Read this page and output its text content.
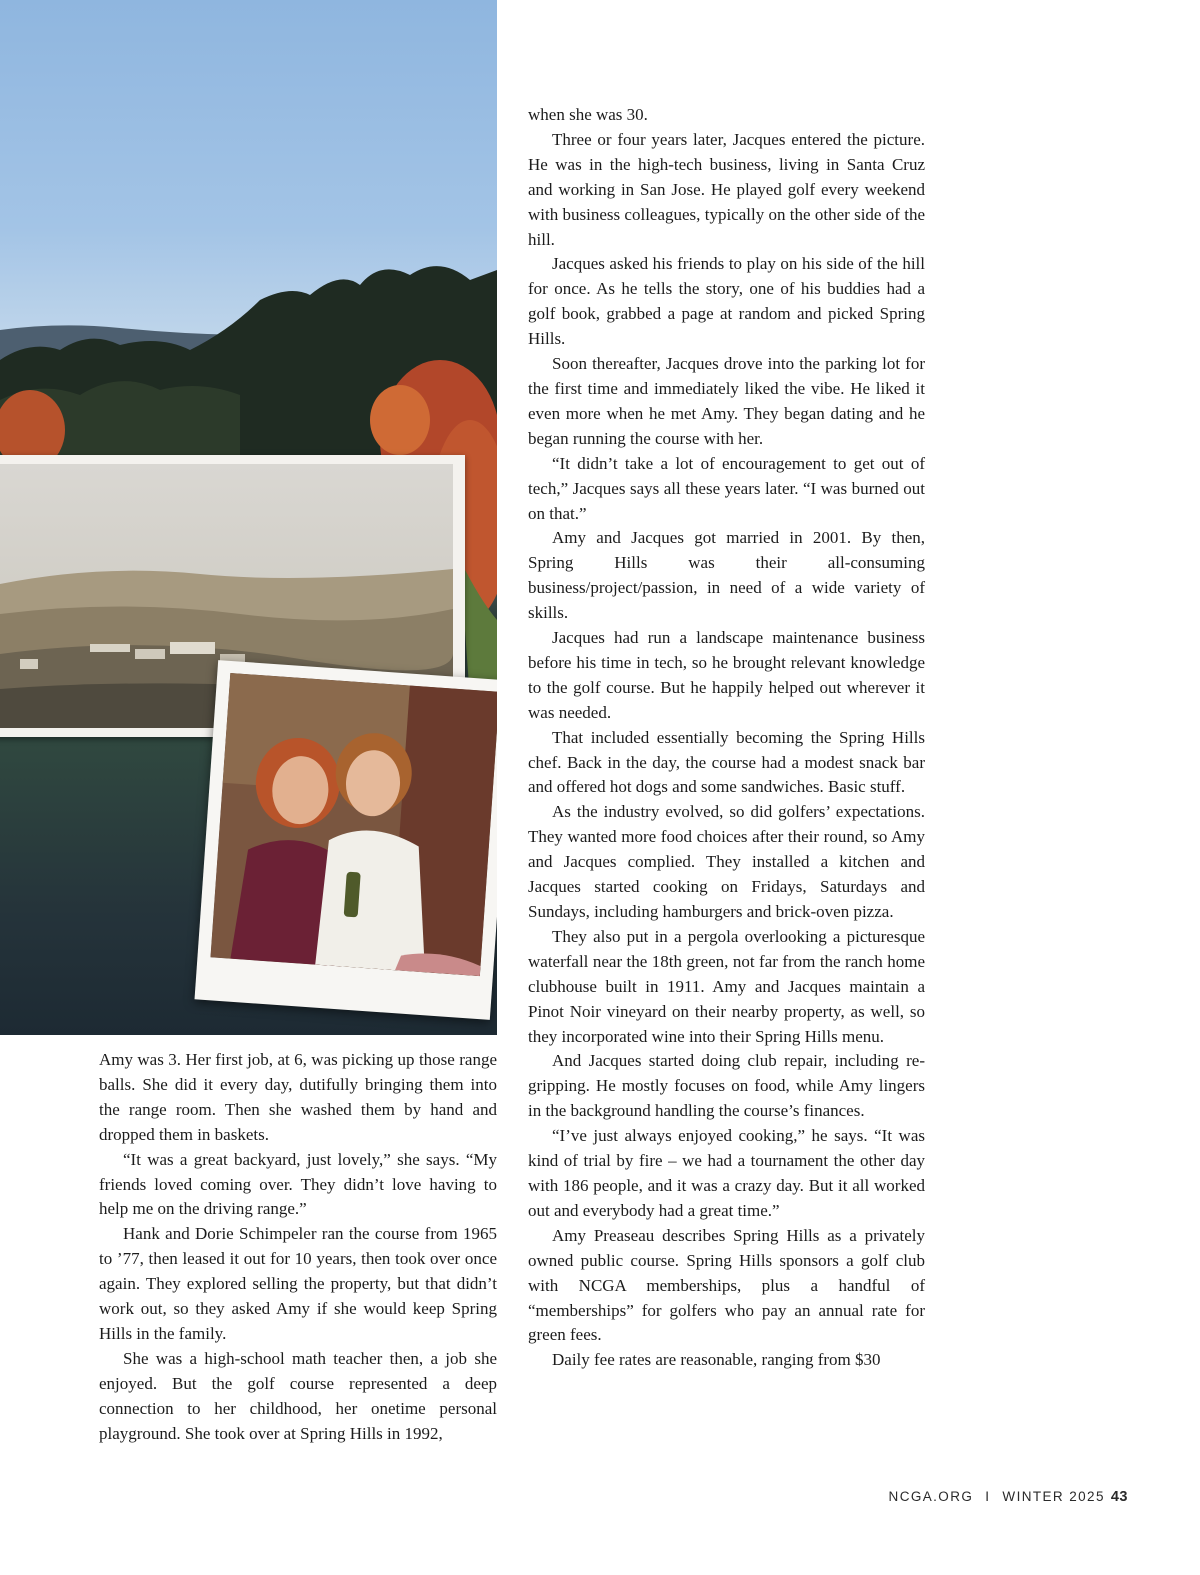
Amy was 3. Her first job, at 6, was picking up those range balls. She did it every day, dutifully bringing them into the range room. Then she washed them by hand and dropped them in baskets.

“It was a great backyard, just lovely,” she says. “My friends loved coming over. They didn’t love having to help me on the driving range.”

Hank and Dorie Schimpeler ran the course from 1965 to ’77, then leased it out for 10 years, then took over once again. They explored selling the property, but that didn’t work out, so they asked Amy if she would keep Spring Hills in the family.

She was a high-school math teacher then, a job she enjoyed. But the golf course represented a deep connection to her childhood, her onetime personal playground. She took over at Spring Hills in 1992,

when she was 30.

Three or four years later, Jacques entered the picture. He was in the high-tech business, living in Santa Cruz and working in San Jose. He played golf every weekend with business colleagues, typically on the other side of the hill.

Jacques asked his friends to play on his side of the hill for once. As he tells the story, one of his buddies had a golf book, grabbed a page at random and picked Spring Hills.

Soon thereafter, Jacques drove into the parking lot for the first time and immediately liked the vibe. He liked it even more when he met Amy. They began dating and he began running the course with her.

“It didn’t take a lot of encouragement to get out of tech,” Jacques says all these years later. “I was burned out on that.”

Amy and Jacques got married in 2001. By then, Spring Hills was their all-consuming business/project/passion, in need of a wide variety of skills.

Jacques had run a landscape maintenance business before his time in tech, so he brought relevant knowledge to the golf course. But he happily helped out wherever it was needed.

That included essentially becoming the Spring Hills chef. Back in the day, the course had a modest snack bar and offered hot dogs and some sandwiches. Basic stuff.

As the industry evolved, so did golfers’ expectations. They wanted more food choices after their round, so Amy and Jacques complied. They installed a kitchen and Jacques started cooking on Fridays, Saturdays and Sundays, including hamburgers and brick-oven pizza.

They also put in a pergola overlooking a picturesque waterfall near the 18th green, not far from the ranch home clubhouse built in 1911. Amy and Jacques maintain a Pinot Noir vineyard on their nearby property, as well, so they incorporated wine into their Spring Hills menu.

And Jacques started doing club repair, including re-gripping. He mostly focuses on food, while Amy lingers in the background handling the course’s finances.

“I’ve just always enjoyed cooking,” he says. “It was kind of trial by fire – we had a tournament the other day with 186 people, and it was a crazy day. But it all worked out and everybody had a great time.”

Amy Preaseau describes Spring Hills as a privately owned public course. Spring Hills sponsors a golf club with NCGA memberships, plus a handful of “memberships” for golfers who pay an annual rate for green fees.

Daily fee rates are reasonable, ranging from $30

NCGA.ORG I WINTER 2025 43
